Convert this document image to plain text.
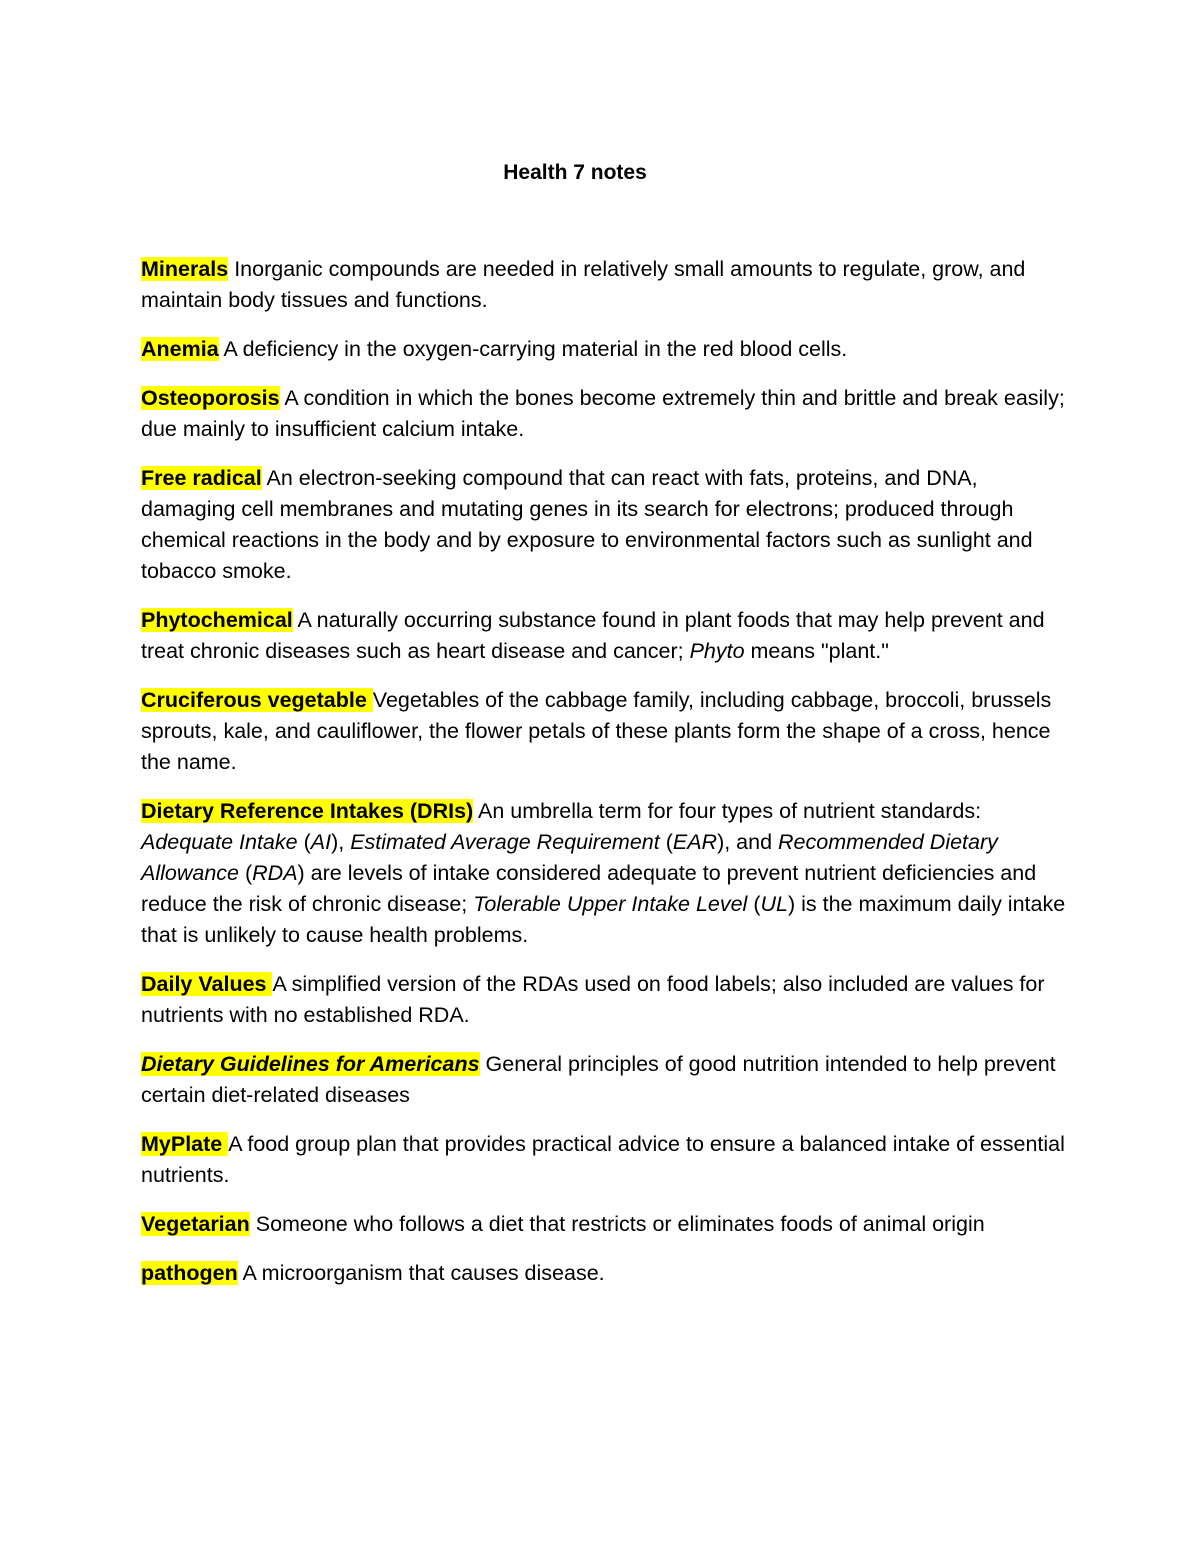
Health 7 notes

Minerals Inorganic compounds are needed in relatively small amounts to regulate, grow, and maintain body tissues and functions.

Anemia A deficiency in the oxygen-carrying material in the red blood cells.

Osteoporosis A condition in which the bones become extremely thin and brittle and break easily; due mainly to insufficient calcium intake.

Free radical An electron-seeking compound that can react with fats, proteins, and DNA, damaging cell membranes and mutating genes in its search for electrons; produced through chemical reactions in the body and by exposure to environmental factors such as sunlight and tobacco smoke.

Phytochemical A naturally occurring substance found in plant foods that may help prevent and treat chronic diseases such as heart disease and cancer; Phyto means "plant."

Cruciferous vegetable Vegetables of the cabbage family, including cabbage, broccoli, brussels sprouts, kale, and cauliflower, the flower petals of these plants form the shape of a cross, hence the name.

Dietary Reference Intakes (DRIs) An umbrella term for four types of nutrient standards: Adequate Intake (AI), Estimated Average Requirement (EAR), and Recommended Dietary Allowance (RDA) are levels of intake considered adequate to prevent nutrient deficiencies and reduce the risk of chronic disease; Tolerable Upper Intake Level (UL) is the maximum daily intake that is unlikely to cause health problems.

Daily Values A simplified version of the RDAs used on food labels; also included are values for nutrients with no established RDA.

Dietary Guidelines for Americans General principles of good nutrition intended to help prevent certain diet-related diseases

MyPlate A food group plan that provides practical advice to ensure a balanced intake of essential nutrients.

Vegetarian Someone who follows a diet that restricts or eliminates foods of animal origin

pathogen A microorganism that causes disease.
